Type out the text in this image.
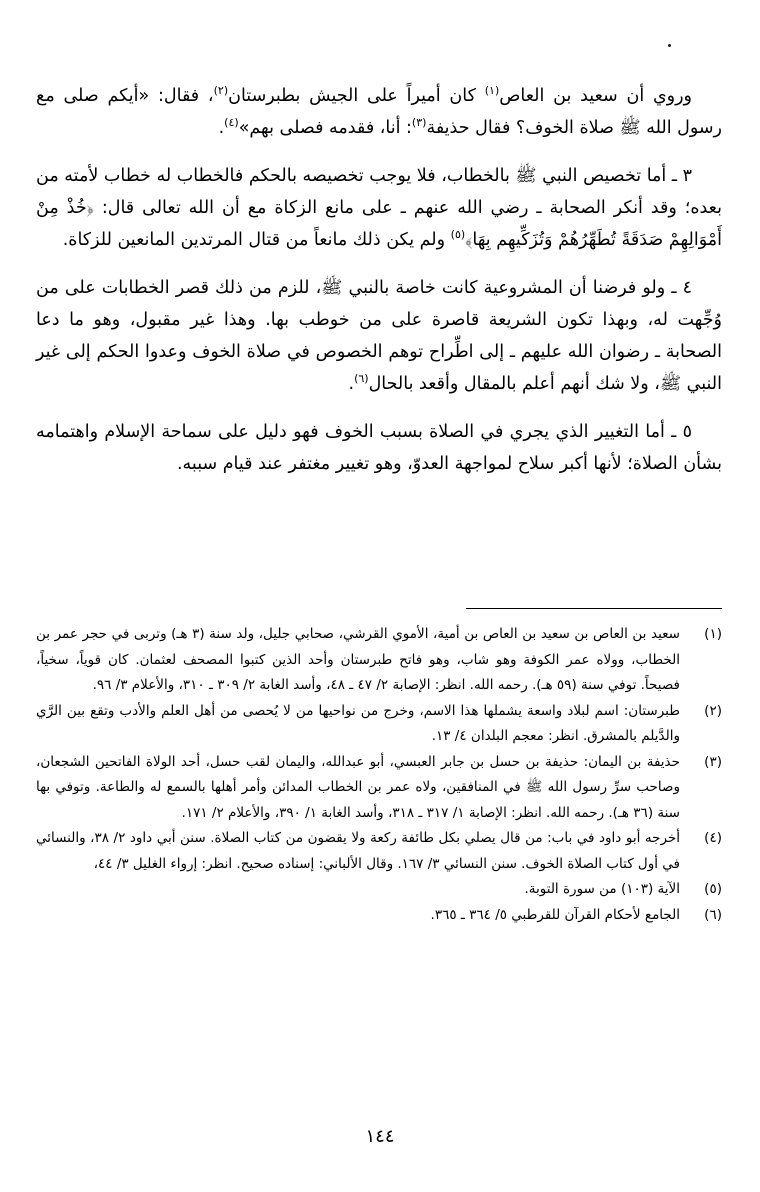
وروي أن سعيد بن العاص$^{(١)}$ كان أميراً على الجيش بطبرستان$^{(٢)}$، فقال: «أيكم صلى مع رسول الله ﷺ صلاة الخوف؟ فقال حذيفة$^{(٣)}$: أنا، فقدمه فصلى بهم»$^{(٤)}$.

٣ ـ أما تخصيص النبي ﷺ بالخطاب، فلا يوجب تخصيصه بالحكم فالخطاب له خطاب لأمته من بعده؛ وقد أنكر الصحابة ـ رضي الله عنهم ـ على مانع الزكاة مع أن الله تعالى قال: ﴿خُذْ مِنْ أَمْوَالِهِمْ صَدَقَةً تُطَهِّرُهُمْ وَتُزَكِّيهِم بِهَا﴾$^{(٥)}$ ولم يكن ذلك مانعاً من قتال المرتدين المانعين للزكاة.

٤ ـ ولو فرضنا أن المشروعية كانت خاصة بالنبي ﷺ، للزم من ذلك قصر الخطابات على من وُجِّهت له، وبهذا تكون الشريعة قاصرة على من خوطب بها. وهذا غير مقبول، وهو ما دعا الصحابة ـ رضوان الله عليهم ـ إلى اطِّراح توهم الخصوص في صلاة الخوف وعدوا الحكم إلى غير النبي ﷺ، ولا شك أنهم أعلم بالمقال وأقعد بالحال$^{(٦)}$.

٥ ـ أما التغيير الذي يجري في الصلاة بسبب الخوف فهو دليل على سماحة الإسلام واهتمامه بشأن الصلاة؛ لأنها أكبر سلاح لمواجهة العدوّ، وهو تغيير مغتفر عند قيام سببه.

(١)
سعيد بن العاص بن سعيد بن العاص بن أمية، الأموي القرشي، صحابي جليل، ولد سنة (٣ هـ) وتربى في حجر عمر بن الخطاب، وولاه عمر الكوفة وهو شاب، وهو فاتح طبرستان وأحد الذين كتبوا المصحف لعثمان. كان قوياً، سخياً، فصيحاً. توفي سنة (٥٩ هـ). رحمه الله. انظر: الإصابة ٢/ ٤٧ ـ ٤٨، وأسد الغابة ٢/ ٣٠٩ ـ ٣١٠، والأعلام ٣/ ٩٦.
(٢)
طبرستان: اسم لبلاد واسعة يشملها هذا الاسم، وخرج من نواحيها من لا يُحصى من أهل العلم والأدب وتقع بين الرَّي والدَّيلم بالمشرق. انظر: معجم البلدان ٤/ ١٣.
(٣)
حذيفة بن اليمان: حذيفة بن حسل بن جابر العبسي، أبو عبدالله، واليمان لقب حسل، أحد الولاة الفاتحين الشجعان، وصاحب سرِّ رسول الله ﷺ في المنافقين، ولاه عمر بن الخطاب المدائن وأمر أهلها بالسمع له والطاعة. وتوفي بها سنة (٣٦ هـ). رحمه الله. انظر: الإصابة ١/ ٣١٧ ـ ٣١٨، وأسد الغابة ١/ ٣٩٠، والأعلام ٢/ ١٧١.
(٤)
أخرجه أبو داود في باب: من قال يصلي بكل طائفة ركعة ولا يقضون من كتاب الصلاة. سنن أبي داود ٢/ ٣٨، والنسائي في أول كتاب الصلاة الخوف. سنن النسائي ٣/ ١٦٧. وقال الألباني: إسناده صحيح. انظر: إرواء الغليل ٣/ ٤٤،
(٥)
الآية (١٠٣) من سورة التوبة.
(٦)
الجامع لأحكام القرآن للقرطبي ٥/ ٣٦٤ ـ ٣٦٥.
١٤٤
